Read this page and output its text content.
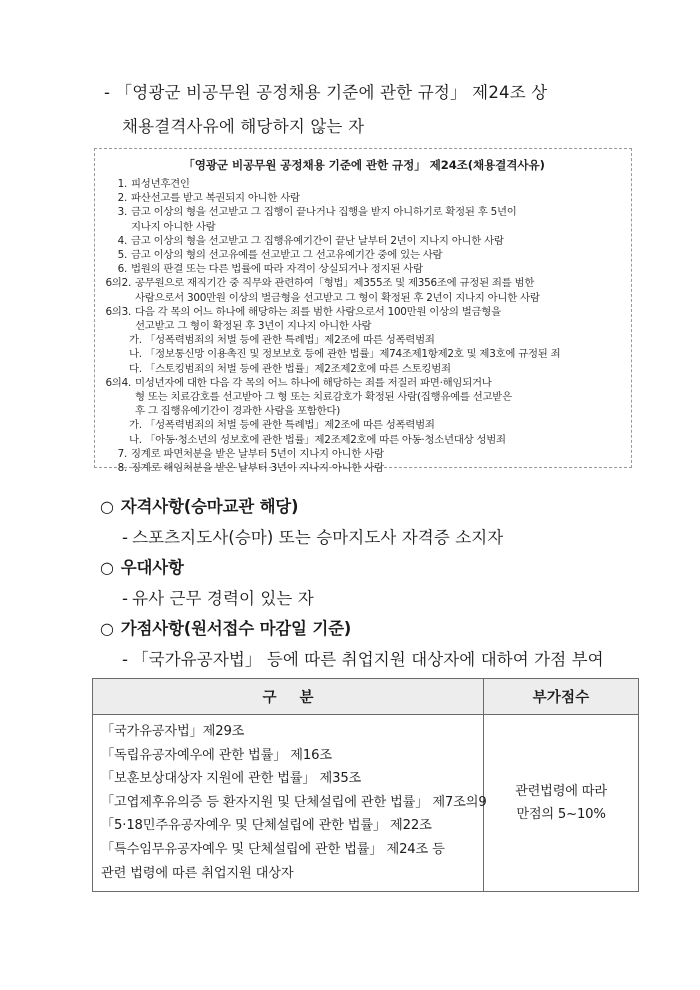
- 「영광군 비공무원 공정채용 기준에 관한 규정」 제24조 상
채용결격사유에 해당하지 않는 자
「영광군 비공무원 공정채용 기준에 관한 규정」 제24조(채용결격사유)
1. 피성년후견인
2. 파산선고를 받고 복권되지 아니한 사람
3. 금고 이상의 형을 선고받고 그 집행이 끝나거나 집행을 받지 아니하기로 확정된 후 5년이
지나지 아니한 사람
4. 금고 이상의 형을 선고받고 그 집행유예기간이 끝난 날부터 2년이 지나지 아니한 사람
5. 금고 이상의 형의 선고유예를 선고받고 그 선고유예기간 중에 있는 사람
6. 법원의 판결 또는 다른 법률에 따라 자격이 상실되거나 정지된 사람
6의2. 공무원으로 재직기간 중 직무와 관련하여「형법」제355조 및 제356조에 규정된 죄를 범한
사람으로서 300만원 이상의 벌금형을 선고받고 그 형이 확정된 후 2년이 지나지 아니한 사람
6의3. 다음 각 목의 어느 하나에 해당하는 죄를 범한 사람으로서 100만원 이상의 벌금형을
선고받고 그 형이 확정된 후 3년이 지나지 아니한 사람
가. 「성폭력범죄의 처벌 등에 관한 특례법」제2조에 따른 성폭력범죄
나. 「정보통신망 이용촉진 및 정보보호 등에 관한 법률」제74조제1항제2호 및 제3호에 규정된 죄
다. 「스토킹범죄의 처벌 등에 관한 법률」제2조제2호에 따른 스토킹범죄
6의4. 미성년자에 대한 다음 각 목의 어느 하나에 해당하는 죄를 저질러 파면·해임되거나
형 또는 치료감호를 선고받아 그 형 또는 치료감호가 확정된 사람(집행유예를 선고받은
후 그 집행유예기간이 경과한 사람을 포함한다)
가. 「성폭력범죄의 처벌 등에 관한 특례법」제2조에 따른 성폭력범죄
나. 「아동·청소년의 성보호에 관한 법률」제2조제2호에 따른 아동·청소년대상 성범죄
7. 징계로 파면처분을 받은 날부터 5년이 지나지 아니한 사람
8. 징계로 해임처분을 받은 날부터 3년이 지나지 아니한 사람
○ 자격사항(승마교관 해당)
- 스포츠지도사(승마) 또는 승마지도사 자격증 소지자
○ 우대사항
- 유사 근무 경력이 있는 자
○ 가점사항(원서접수 마감일 기준)
- 「국가유공자법」 등에 따른 취업지원 대상자에 대하여 가점 부여
구 분	부가점수

「국가유공자법」제29조
「독립유공자예우에 관한 법률」 제16조
「보훈보상대상자 지원에 관한 법률」 제35조
「고엽제후유의증 등 환자지원 및 단체설립에 관한 법률」 제7조의9
「5·18민주유공자예우 및 단체설립에 관한 법률」 제22조
「특수임무유공자예우 및 단체설립에 관한 법률」 제24조 등
관련 법령에 따른 취업지원 대상자

관련법령에 따라
만점의 5~10%
